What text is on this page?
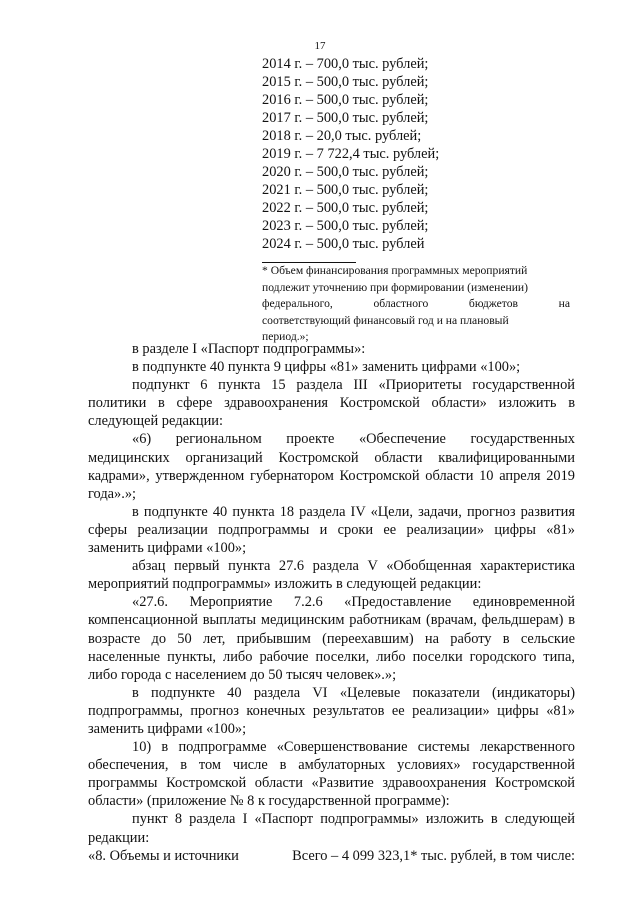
17
2014 г. – 700,0 тыс. рублей;
2015 г. – 500,0 тыс. рублей;
2016 г. – 500,0 тыс. рублей;
2017 г. – 500,0 тыс. рублей;
2018 г. – 20,0 тыс. рублей;
2019 г. – 7 722,4 тыс. рублей;
2020 г. – 500,0 тыс. рублей;
2021 г. – 500,0 тыс. рублей;
2022 г. – 500,0 тыс. рублей;
2023 г. – 500,0 тыс. рублей;
2024 г. – 500,0 тыс. рублей
* Объем финансирования программных мероприятий
подлежит уточнению при формировании (изменении)
федерального,	областного	бюджетов	на
соответствующий финансовый год и на плановый
период.»;

в разделе I «Паспорт подпрограммы»:

в подпункте 40 пункта 9 цифры «81» заменить цифрами «100»;

подпункт 6 пункта 15 раздела III «Приоритеты государственной политики в сфере здравоохранения Костромской области» изложить в следующей редакции:

«6) региональном проекте «Обеспечение государственных медицинских организаций Костромской области квалифицированными кадрами», утвержденном губернатором Костромской области 10 апреля 2019 года».»;

в подпункте 40 пункта 18 раздела IV «Цели, задачи, прогноз развития сферы реализации подпрограммы и сроки ее реализации» цифры «81» заменить цифрами «100»;

абзац первый пункта 27.6 раздела V «Обобщенная характеристика мероприятий подпрограммы» изложить в следующей редакции:

«27.6. Мероприятие 7.2.6 «Предоставление единовременной компенсационной выплаты медицинским работникам (врачам, фельдшерам) в возрасте до 50 лет, прибывшим (переехавшим) на работу в сельские населенные пункты, либо рабочие поселки, либо поселки городского типа, либо города с населением до 50 тысяч человек».»;

в подпункте 40 раздела VI «Целевые показатели (индикаторы) подпрограммы, прогноз конечных результатов ее реализации» цифры «81» заменить цифрами «100»;

10) в подпрограмме «Совершенствование системы лекарственного обеспечения, в том числе в амбулаторных условиях» государственной программы Костромской области «Развитие здравоохранения Костромской области» (приложение № 8 к государственной программе):

пункт 8 раздела I «Паспорт подпрограммы» изложить в следующей редакции:

«8. Объемы и источники	Всего – 4 099 323,1* тыс. рублей, в том числе:
